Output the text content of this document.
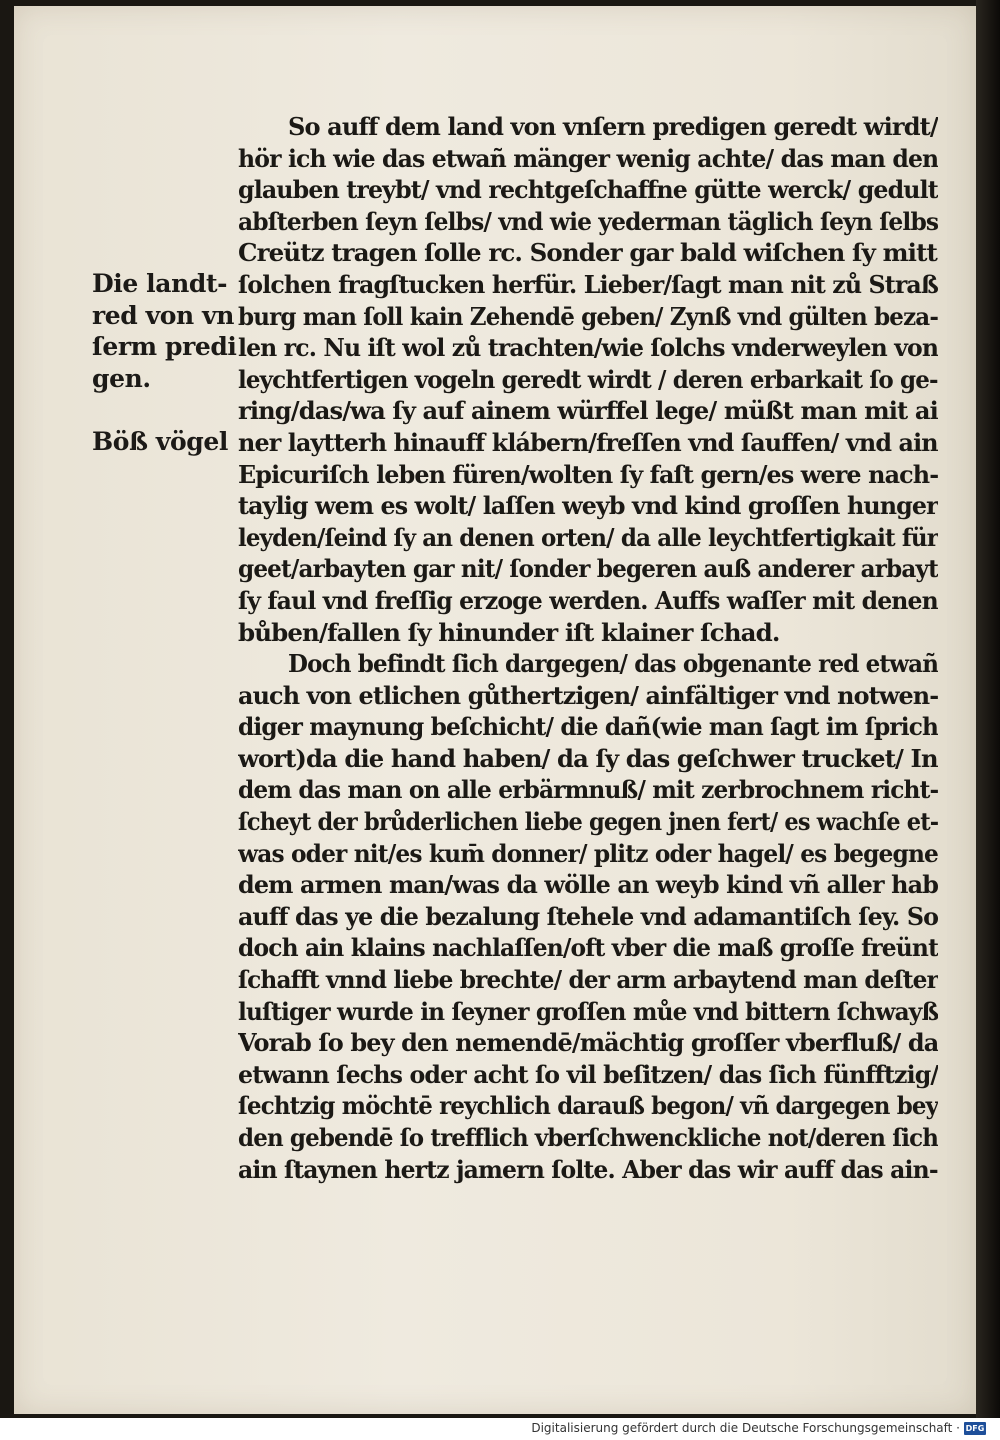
Die landt-
red von vn
ſerm predi
gen.
Böß vögel
So auff dem land von vnſern predigen geredt wirdt/
hör ich wie das etwañ mänger wenig achte/ das man den
glauben treybt/ vnd rechtgeſchaffne gütte werck/ gedult
abſterben ſeyn ſelbs/ vnd wie yederman täglich ſeyn ſelbs
Creütz tragen ſolle rc. Sonder gar bald wiſchen ſy mitt
ſolchen fragſtucken herfür. Lieber/ſagt man nit zů Straß
burg man ſoll kain Zehendē geben/ Zynß vnd gülten beza-
len rc. Nu iſt wol zů trachten/wie ſolchs vnderweylen von
leychtfertigen vogeln geredt wirdt / deren erbarkait ſo ge-
ring/das/wa ſy auf ainem würffel lege/ müßt man mit ai
ner laytterh hinauff klábern/freſſen vnd ſauffen/ vnd ain
Epicuriſch leben füren/wolten ſy faſt gern/es were nach-
taylig wem es wolt/ laſſen weyb vnd kind groſſen hunger
leyden/ſeind ſy an denen orten/ da alle leychtfertigkait für
geet/arbayten gar nit/ ſonder begeren auß anderer arbayt
ſy faul vnd freſſig erzoge werden. Auffs waſſer mit denen
bůben/fallen ſy hinunder iſt klainer ſchad.
Doch befindt ſich dargegen/ das obgenante red etwañ
auch von etlichen gůthertzigen/ ainfältiger vnd notwen-
diger maynung beſchicht/ die dañ(wie man ſagt im ſprich
wort)da die hand haben/ da ſy das geſchwer trucket/ In
dem das man on alle erbärmnuß/ mit zerbrochnem richt-
ſcheyt der brůderlichen liebe gegen jnen fert/ es wachſe et-
was oder nit/es kum̄ donner/ plitz oder hagel/ es begegne
dem armen man/was da wölle an weyb kind vñ aller hab
auff das ye die bezalung ſtehele vnd adamantiſch ſey. So
doch ain klains nachlaſſen/oft vber die maß groſſe freünt
ſchafft vnnd liebe brechte/ der arm arbaytend man deſter
luſtiger wurde in ſeyner groſſen můe vnd bittern ſchwayß
Vorab ſo bey den nemendē/mächtig groſſer vberfluß/ da
etwann ſechs oder acht ſo vil beſitzen/ das ſich fünfftzig/
ſechtzig möchtē reychlich darauß begon/ vñ dargegen bey
den gebendē ſo trefflich vberſchwenckliche not/deren ſich
ain ſtaynen hertz jamern ſolte. Aber das wir auff das ain-
Digitalisierung gefördert durch die Deutsche Forschungsgemeinschaft · DFG
